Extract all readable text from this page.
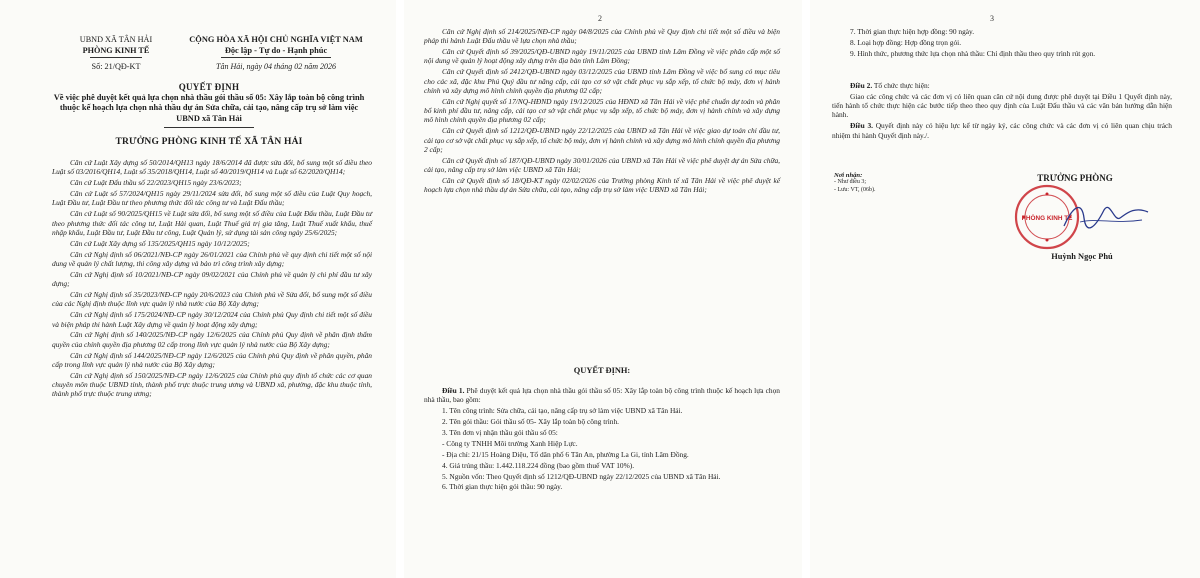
UBND XÃ TÂN HẢI
PHÒNG KINH TẾ
Số: 21/QĐ-KT
CỘNG HÒA XÃ HỘI CHỦ NGHĨA VIỆT NAM
Độc lập - Tự do - Hạnh phúc
Tân Hải, ngày 04 tháng 02 năm 2026
QUYẾT ĐỊNH
Về việc phê duyệt kết quả lựa chọn nhà thầu gói thầu số 05: Xây lắp toàn bộ công trình thuộc kế hoạch lựa chọn nhà thầu dự án Sửa chữa, cải tạo, nâng cấp trụ sở làm việc UBND xã Tân Hải
TRƯỞNG PHÒNG KINH TẾ XÃ TÂN HẢI

Căn cứ Luật Xây dựng số 50/2014/QH13 ngày 18/6/2014 đã được sửa đổi, bổ sung một số điều theo Luật số 03/2016/QH14, Luật số 35/2018/QH14, Luật số 40/2019/QH14 và Luật số 62/2020/QH14;

Căn cứ Luật Đấu thầu số 22/2023/QH15 ngày 23/6/2023;

Căn cứ Luật số 57/2024/QH15 ngày 29/11/2024 sửa đổi, bổ sung một số điều của Luật Quy hoạch, Luật Đầu tư, Luật Đầu tư theo phương thức đối tác công tư và Luật Đấu thầu;

Căn cứ Luật số 90/2025/QH15 về Luật sửa đổi, bổ sung một số điều của Luật Đấu thầu, Luật Đầu tư theo phương thức đối tác công tư, Luật Hải quan, Luật Thuế giá trị gia tăng, Luật Thuế xuất khẩu, thuế nhập khẩu, Luật Đầu tư, Luật Đầu tư công, Luật Quản lý, sử dụng tài sản công ngày 25/6/2025;

Căn cứ Luật Xây dựng số 135/2025/QH15 ngày 10/12/2025;

Căn cứ Nghị định số 06/2021/NĐ-CP ngày 26/01/2021 của Chính phủ về quy định chi tiết một số nội dung về quản lý chất lượng, thi công xây dựng và bảo trì công trình xây dựng;

Căn cứ Nghị định số 10/2021/NĐ-CP ngày 09/02/2021 của Chính phủ về quản lý chi phí đầu tư xây dựng;

Căn cứ Nghị định số 35/2023/NĐ-CP ngày 20/6/2023 của Chính phủ về Sửa đổi, bổ sung một số điều của các Nghị định thuộc lĩnh vực quản lý nhà nước của Bộ Xây dựng;

Căn cứ Nghị định số 175/2024/NĐ-CP ngày 30/12/2024 của Chính phủ Quy định chi tiết một số điều và biện pháp thi hành Luật Xây dựng về quản lý hoạt động xây dựng;

Căn cứ Nghị định số 140/2025/NĐ-CP ngày 12/6/2025 của Chính phủ Quy định về phân định thẩm quyền của chính quyền địa phương 02 cấp trong lĩnh vực quản lý nhà nước của Bộ Xây dựng;

Căn cứ Nghị định số 144/2025/NĐ-CP ngày 12/6/2025 của Chính phủ Quy định về phân quyền, phân cấp trong lĩnh vực quản lý nhà nước của Bộ Xây dựng;

Căn cứ Nghị định số 150/2025/NĐ-CP ngày 12/6/2025 của Chính phủ quy định tổ chức các cơ quan chuyên môn thuộc UBND tỉnh, thành phố trực thuộc trung ương và UBND xã, phường, đặc khu thuộc tỉnh, thành phố trực thuộc trung ương;

2

Căn cứ Nghị định số 214/2025/NĐ-CP ngày 04/8/2025 của Chính phủ về Quy định chi tiết một số điều và biện pháp thi hành Luật Đấu thầu về lựa chọn nhà thầu;

Căn cứ Quyết định số 39/2025/QĐ-UBND ngày 19/11/2025 của UBND tỉnh Lâm Đồng về việc phân cấp một số nội dung về quản lý hoạt động xây dựng trên địa bàn tỉnh Lâm Đồng;

Căn cứ Quyết định số 2412/QĐ-UBND ngày 03/12/2025 của UBND tỉnh Lâm Đồng về việc bổ sung có mục tiêu cho các xã, đặc khu Phú Quý đầu tư nâng cấp, cải tạo cơ sở vật chất phục vụ sắp xếp, tổ chức bộ máy, đơn vị hành chính và xây dựng mô hình chính quyền địa phương 02 cấp;

Căn cứ Nghị quyết số 17/NQ-HĐND ngày 19/12/2025 của HĐND xã Tân Hải về việc phê chuẩn dự toán và phân bổ kinh phí đầu tư, nâng cấp, cải tạo cơ sở vật chất phục vụ sắp xếp, tổ chức bộ máy, đơn vị hành chính và xây dựng mô hình chính quyền địa phương 02 cấp;

Căn cứ Quyết định số 1212/QĐ-UBND ngày 22/12/2025 của UBND xã Tân Hải về việc giao dự toán chi đầu tư, cải tạo cơ sở vật chất phục vụ sắp xếp, tổ chức bộ máy, đơn vị hành chính và xây dựng mô hình chính quyền địa phương 2 cấp;

Căn cứ Quyết định số 187/QĐ-UBND ngày 30/01/2026 của UBND xã Tân Hải về việc phê duyệt dự án Sửa chữa, cải tạo, nâng cấp trụ sở làm việc UBND xã Tân Hải;

Căn cứ Quyết định số 18/QĐ-KT ngày 02/02/2026 của Trưởng phòng Kinh tế xã Tân Hải về việc phê duyệt kế hoạch lựa chọn nhà thầu dự án Sửa chữa, cải tạo, nâng cấp trụ sở làm việc UBND xã Tân Hải;

QUYẾT ĐỊNH:

Điều 1. Phê duyệt kết quả lựa chọn nhà thầu gói thầu số 05: Xây lắp toàn bộ công trình thuộc kế hoạch lựa chọn nhà thầu, bao gồm:

1. Tên công trình: Sửa chữa, cải tạo, nâng cấp trụ sở làm việc UBND xã Tân Hải.

2. Tên gói thầu: Gói thầu số 05- Xây lắp toàn bộ công trình.

3. Tên đơn vị nhận thầu gói thầu số 05:

- Công ty TNHH Môi trường Xanh Hiệp Lực.

- Địa chỉ: 21/15 Hoàng Diệu, Tổ dân phố 6 Tân An, phường La Gi, tỉnh Lâm Đồng.

4. Giá trúng thầu: 1.442.118.224 đồng (bao gồm thuế VAT 10%).

5. Nguồn vốn: Theo Quyết định số 1212/QĐ-UBND ngày 22/12/2025 của UBND xã Tân Hải.

6. Thời gian thực hiện gói thầu: 90 ngày.

3

7. Thời gian thực hiện hợp đồng: 90 ngày.

8. Loại hợp đồng: Hợp đồng trọn gói.

9. Hình thức, phương thức lựa chọn nhà thầu: Chỉ định thầu theo quy trình rút gọn.

Điều 2. Tổ chức thực hiện:

Giao các công chức và các đơn vị có liên quan căn cứ nội dung được phê duyệt tại Điều 1 Quyết định này, tiến hành tổ chức thực hiện các bước tiếp theo theo quy định của Luật Đấu thầu và các văn bản hướng dẫn hiện hành.

Điều 3. Quyết định này có hiệu lực kể từ ngày ký, các công chức và các đơn vị có liên quan chịu trách nhiệm thi hành Quyết định này./.

Nơi nhận:
- Như điều 3;
- Lưu: VT, (06b).
TRƯỞNG PHÒNG
PHÒNG KINH TẾ
Huỳnh Ngọc Phú
